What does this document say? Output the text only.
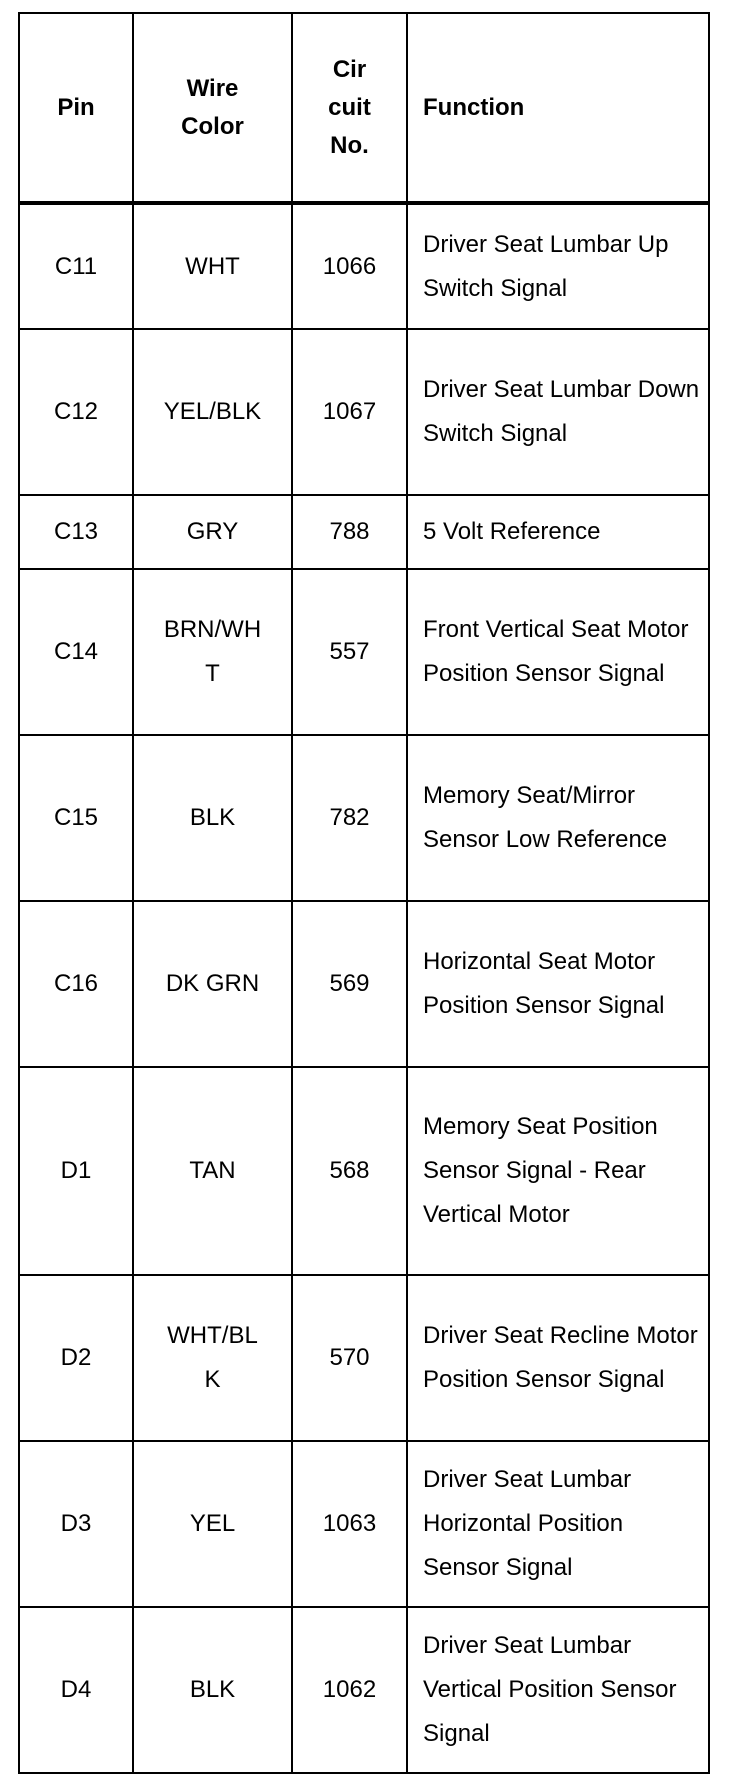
Pin	Wire Color	Cir cuit No.	Function
C11	WHT	1066	Driver Seat Lumbar Up Switch Signal
C12	YEL/BLK	1067	Driver Seat Lumbar Down Switch Signal
C13	GRY	788	5 Volt Reference
C14	BRN/WHT	557	Front Vertical Seat Motor Position Sensor Signal
C15	BLK	782	Memory Seat/Mirror Sensor Low Reference
C16	DK GRN	569	Horizontal Seat Motor Position Sensor Signal
D1	TAN	568	Memory Seat Position Sensor Signal - Rear Vertical Motor
D2	WHT/BLK	570	Driver Seat Recline Motor Position Sensor Signal
D3	YEL	1063	Driver Seat Lumbar Horizontal Position Sensor Signal
D4	BLK	1062	Driver Seat Lumbar Vertical Position Sensor Signal
